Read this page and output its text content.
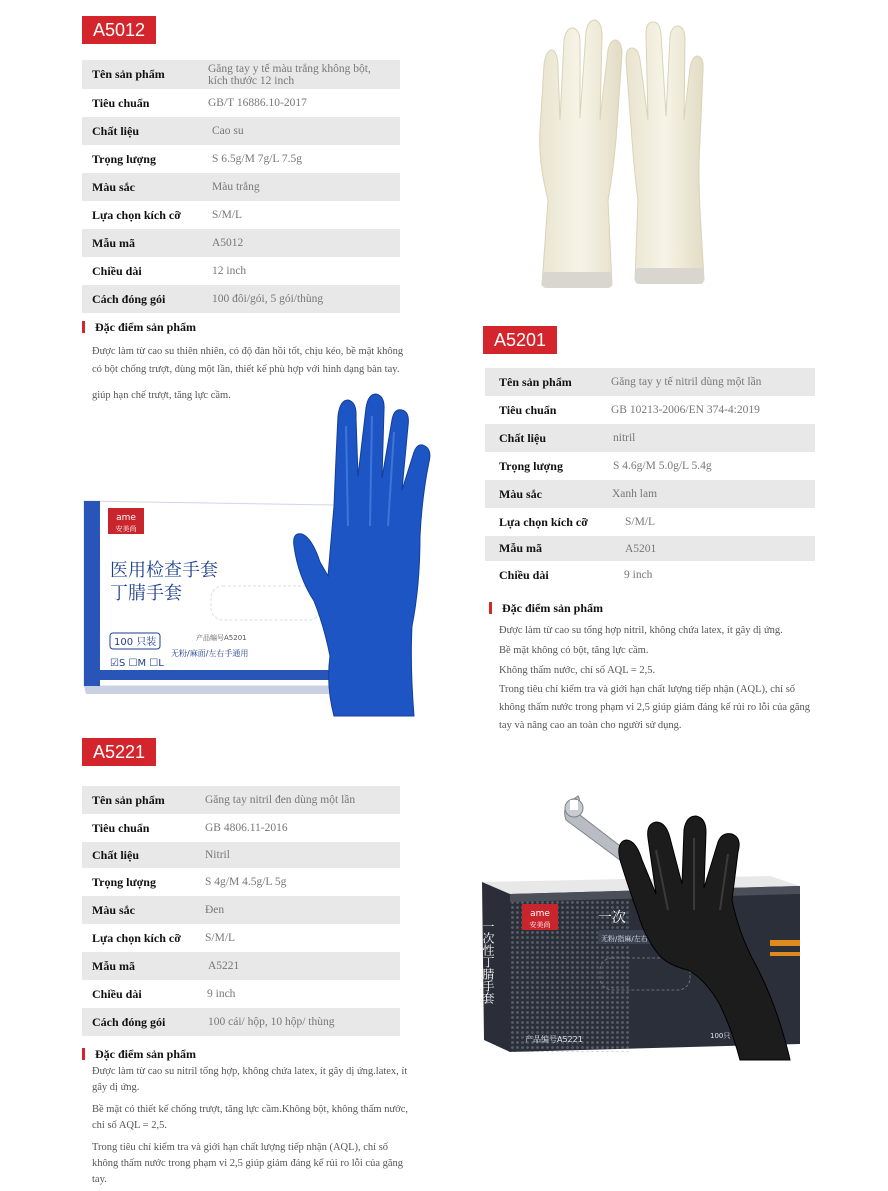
A5012
Tên sản phẩm	Găng tay y tế màu trắng không bột, kích thước 12 inch
Tiêu chuẩn	GB/T 16886.10-2017
Chất liệu	Cao su
Trọng lượng	S 6.5g/M 7g/L 7.5g
Màu sắc	Màu trắng
Lựa chọn kích cỡ	S/M/L
Mẫu mã	A5012
Chiều dài	12 inch
Cách đóng gói	100 đôi/gói, 5 gói/thùng
Đặc điểm sản phẩm

Được làm từ cao su thiên nhiên, có độ đàn hồi tốt, chịu kéo, bề mặt không có bột chống trượt, dùng một lần, thiết kế phù hợp với hình dạng bàn tay.

giúp hạn chế trượt, tăng lực cầm.

ame
安美尚
医用检查手套
丁腈手套
100 只装
☑S ☐M ☐L
产品编号A5201
无粉/麻面/左右手通用
A5201
Tên sản phẩm	Găng tay y tế nitril dùng một lần
Tiêu chuẩn	GB 10213-2006/EN 374-4:2019
Chất liệu	nitril
Trọng lượng	S 4.6g/M 5.0g/L 5.4g
Màu sắc	Xanh lam
Lựa chọn kích cỡ	S/M/L
Mẫu mã	A5201
Chiều dài	9 inch
Đặc điểm sản phẩm

Được làm từ cao su tổng hợp nitril, không chứa latex, ít gây dị ứng.

Bề mặt không có bột, tăng lực cầm.

Không thấm nước, chỉ số AQL = 2,5.

Trong tiêu chí kiểm tra và giới hạn chất lượng tiếp nhận (AQL), chỉ số không thấm nước trong phạm vi 2,5 giúp giảm đáng kể rủi ro lỗi của găng tay và nâng cao an toàn cho người sử dụng.

A5221
Tên sản phẩm	Găng tay nitril đen dùng một lần
Tiêu chuẩn	GB 4806.11-2016
Chất liệu	Nitril
Trọng lượng	S 4g/M 4.5g/L 5g
Màu sắc	Đen
Lựa chọn kích cỡ	S/M/L
Mẫu mã	A5221
Chiều dài	9 inch
Cách đóng gói	100 cái/ hộp, 10 hộp/ thùng
Đặc điểm sản phẩm

Được làm từ cao su nitril tổng hợp, không chứa latex, ít gây dị ứng.latex, ít gây dị ứng.

Bề mặt có thiết kế chống trượt, tăng lực cầm.Không bột, không thấm nước, chỉ số AQL = 2,5.

Trong tiêu chí kiểm tra và giới hạn chất lượng tiếp nhận (AQL), chỉ số không thấm nước trong phạm vi 2,5 giúp giảm đáng kể rủi ro lỗi của găng tay.

一次性丁腈手套
ame
安美尚	一次
无粉/指麻/左右
产品编号A5221	100只
